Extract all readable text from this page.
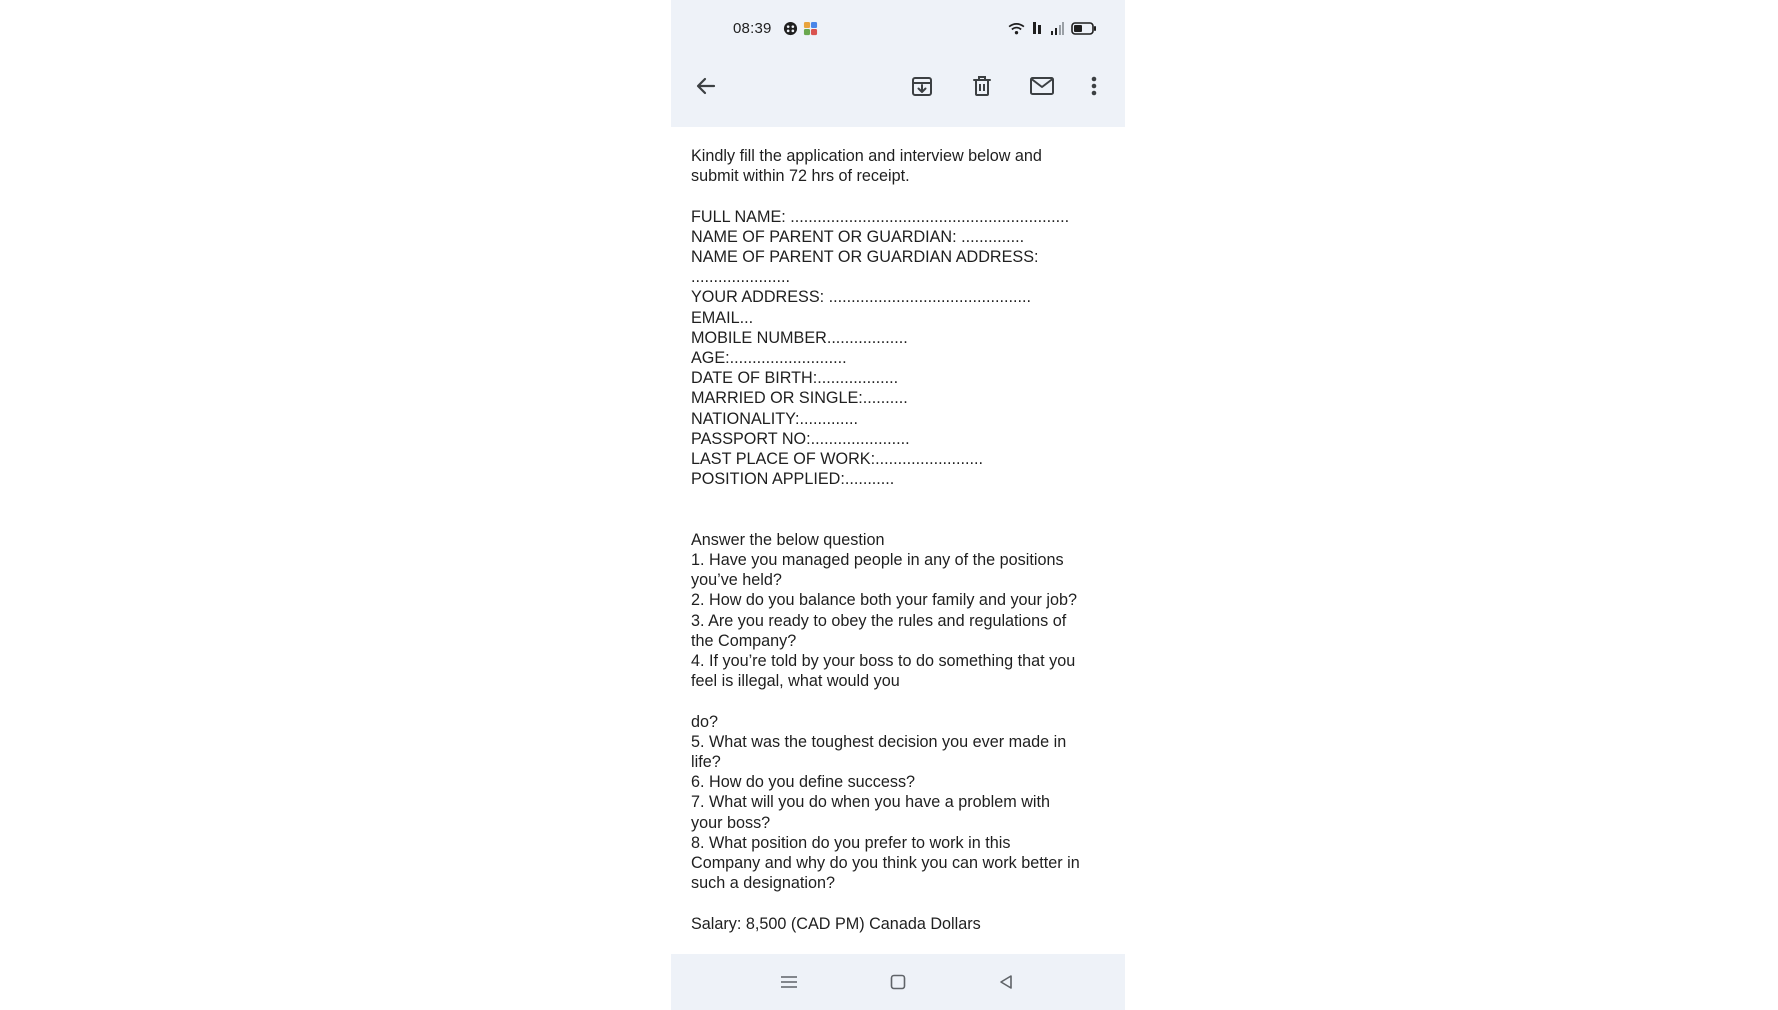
08:39

Kindly fill the application and interview below and

submit within 72 hrs of receipt.

FULL NAME: ..............................................................

NAME OF PARENT OR GUARDIAN: ..............

NAME OF PARENT OR GUARDIAN ADDRESS:

......................

YOUR ADDRESS: .............................................

EMAIL...

MOBILE NUMBER..................

AGE:..........................

DATE OF BIRTH:..................

MARRIED OR SINGLE:..........

NATIONALITY:.............

PASSPORT NO:......................

LAST PLACE OF WORK:........................

POSITION APPLIED:...........

Answer the below question

1. Have you managed people in any of the positions

you’ve held?

2. How do you balance both your family and your job?

3. Are you ready to obey the rules and regulations of

the Company?

4. If you’re told by your boss to do something that you

feel is illegal, what would you

do?

5. What was the toughest decision you ever made in

life?

6. How do you define success?

7. What will you do when you have a problem with

your boss?

8. What position do you prefer to work in this

Company and why do you think you can work better in

such a designation?

Salary: 8,500 (CAD PM) Canada Dollars
